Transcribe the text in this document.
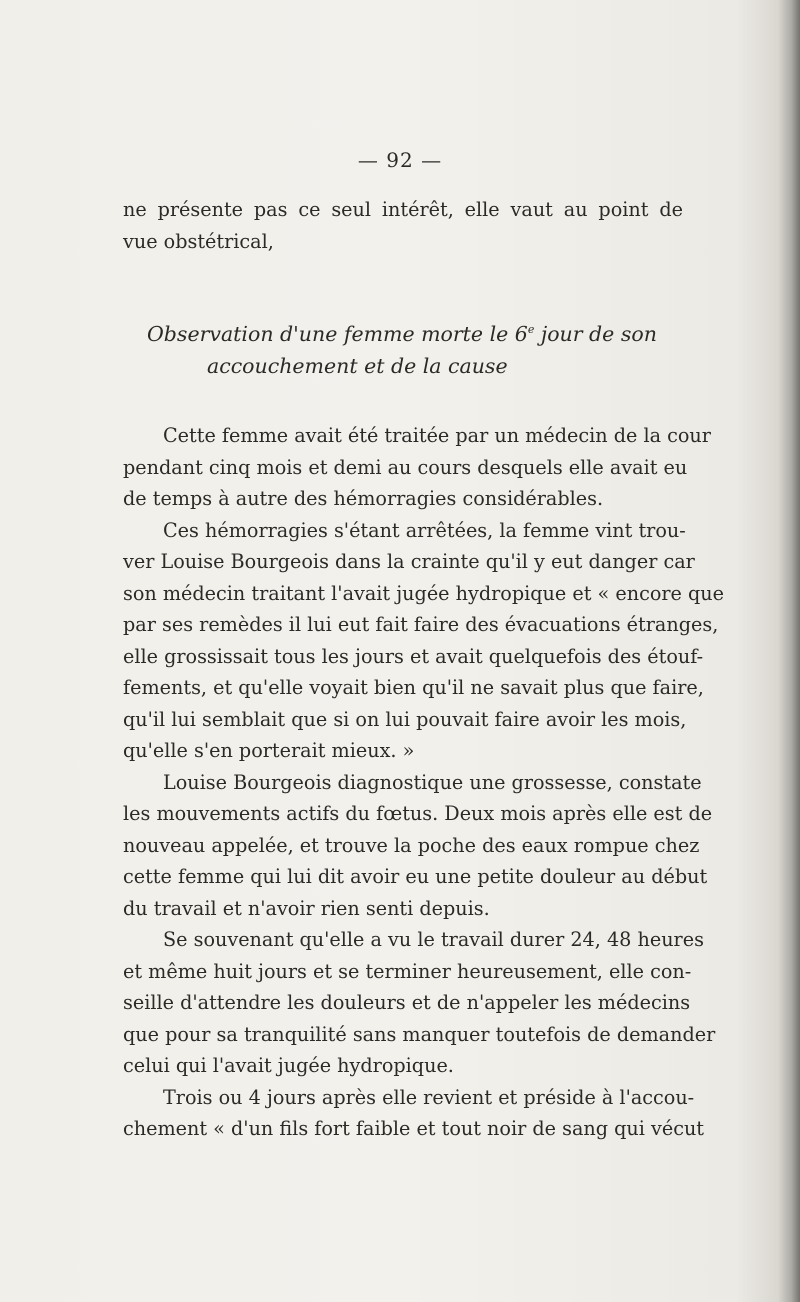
— 92 —
ne présente pas ce seul intérêt, elle vaut au point de
vue obstétrical,
Observation d'une femme morte le 6e jour de son
accouchement et de la cause
Cette femme avait été traitée par un médecin de la cour
pendant cinq mois et demi au cours desquels elle avait eu
de temps à autre des hémorragies considérables.
Ces hémorragies s'étant arrêtées, la femme vint trou-
ver Louise Bourgeois dans la crainte qu'il y eut danger car
son médecin traitant l'avait jugée hydropique et « encore que
par ses remèdes il lui eut fait faire des évacuations étranges,
elle grossissait tous les jours et avait quelquefois des étouf-
fements, et qu'elle voyait bien qu'il ne savait plus que faire,
qu'il lui semblait que si on lui pouvait faire avoir les mois,
qu'elle s'en porterait mieux. »
Louise Bourgeois diagnostique une grossesse, constate
les mouvements actifs du fœtus. Deux mois après elle est de
nouveau appelée, et trouve la poche des eaux rompue chez
cette femme qui lui dit avoir eu une petite douleur au début
du travail et n'avoir rien senti depuis.
Se souvenant qu'elle a vu le travail durer 24, 48 heures
et même huit jours et se terminer heureusement, elle con-
seille d'attendre les douleurs et de n'appeler les médecins
que pour sa tranquilité sans manquer toutefois de demander
celui qui l'avait jugée hydropique.
Trois ou 4 jours après elle revient et préside à l'accou-
chement « d'un fils fort faible et tout noir de sang qui vécut
